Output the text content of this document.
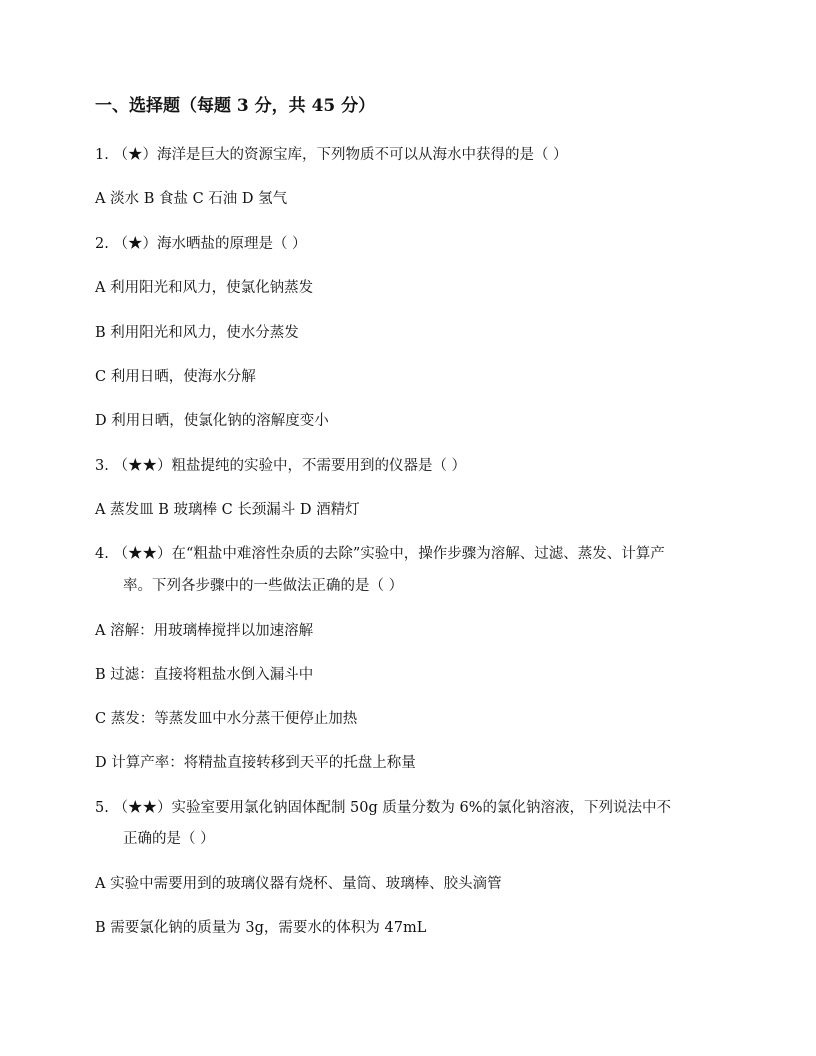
一、选择题（每题 3 分，共 45 分）
1. （★）海洋是巨大的资源宝库，下列物质不可以从海水中获得的是（ ）
A 淡水 B 食盐 C 石油 D 氢气
2. （★）海水晒盐的原理是（ ）
A 利用阳光和风力，使氯化钠蒸发
B 利用阳光和风力，使水分蒸发
C 利用日晒，使海水分解
D 利用日晒，使氯化钠的溶解度变小
3. （★★）粗盐提纯的实验中，不需要用到的仪器是（ ）
A 蒸发皿 B 玻璃棒 C 长颈漏斗 D 酒精灯
4. （★★）在“粗盐中难溶性杂质的去除”实验中，操作步骤为溶解、过滤、蒸发、计算产
率。下列各步骤中的一些做法正确的是（ ）
A 溶解：用玻璃棒搅拌以加速溶解
B 过滤：直接将粗盐水倒入漏斗中
C 蒸发：等蒸发皿中水分蒸干便停止加热
D 计算产率：将精盐直接转移到天平的托盘上称量
5. （★★）实验室要用氯化钠固体配制 50g 质量分数为 6%的氯化钠溶液，下列说法中不
正确的是（ ）
A 实验中需要用到的玻璃仪器有烧杯、量筒、玻璃棒、胶头滴管
B 需要氯化钠的质量为 3g，需要水的体积为 47mL
